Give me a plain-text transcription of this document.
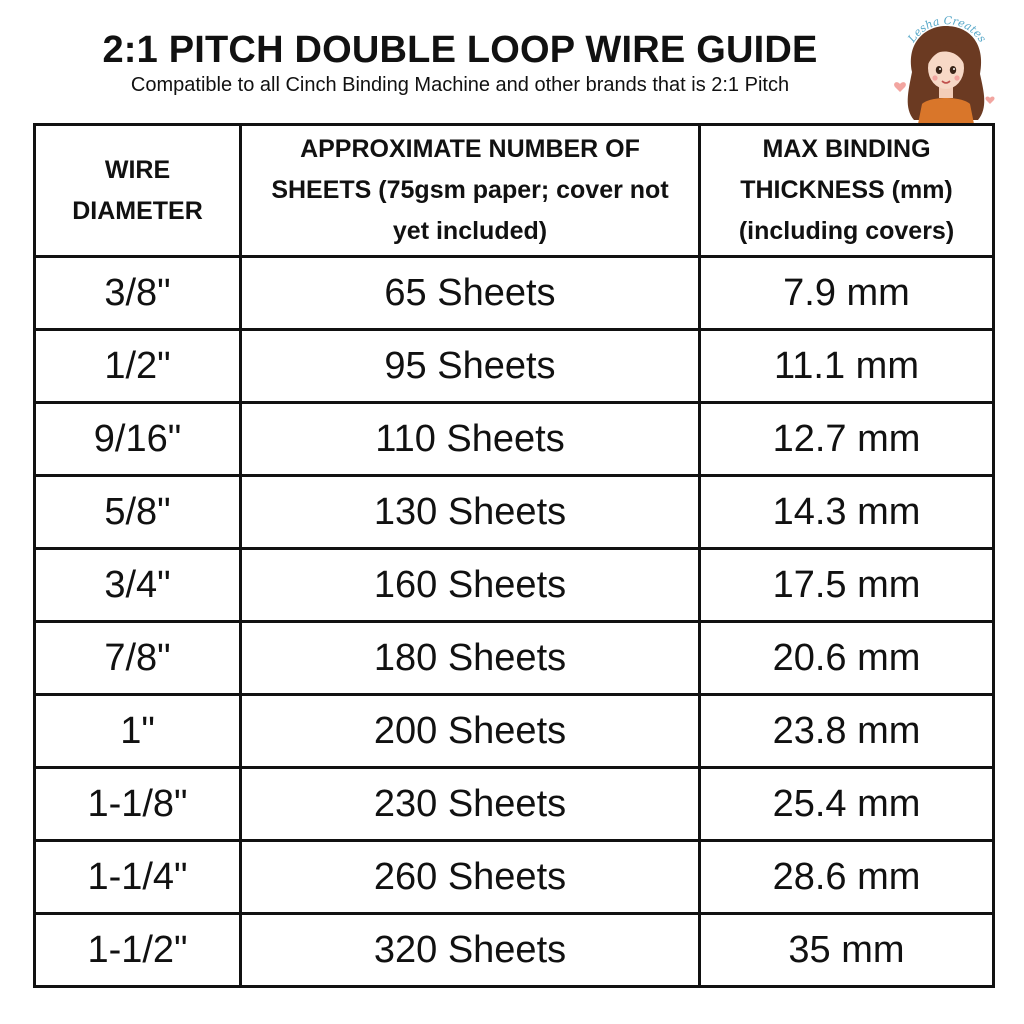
2:1 PITCH DOUBLE LOOP WIRE GUIDE
Compatible to all Cinch Binding Machine and other brands that is 2:1 Pitch
Lesha Creates
WIRE DIAMETER	APPROXIMATE NUMBER OF SHEETS (75gsm paper; cover not yet included)	MAX BINDING THICKNESS (mm) (including covers)
3/8"	65 Sheets	7.9 mm
1/2"	95 Sheets	11.1 mm
9/16"	110 Sheets	12.7 mm
5/8"	130 Sheets	14.3 mm
3/4"	160 Sheets	17.5 mm
7/8"	180 Sheets	20.6 mm
1"	200 Sheets	23.8 mm
1-1/8"	230 Sheets	25.4 mm
1-1/4"	260 Sheets	28.6 mm
1-1/2"	320 Sheets	35 mm
